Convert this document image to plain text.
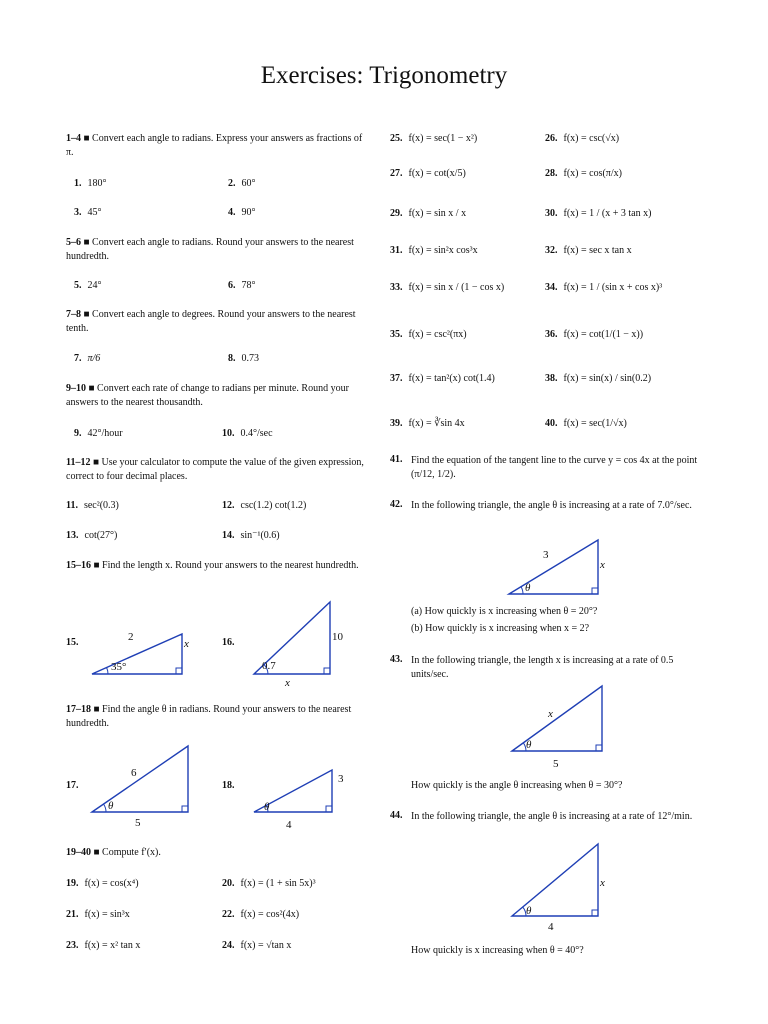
Exercises: Trigonometry
1–4 ■ Convert each angle to radians. Express your answers as fractions of π.
1. 180°	2. 60°
3. 45°	4. 90°
5–6 ■ Convert each angle to radians. Round your answers to the nearest hundredth.
5. 24°	6. 78°
7–8 ■ Convert each angle to degrees. Round your answers to the nearest tenth.
7. π/6	8. 0.73
9–10 ■ Convert each rate of change to radians per minute. Round your answers to the nearest thousandth.
9. 42°/hour	10. 0.4°/sec
11–12 ■ Use your calculator to compute the value of the given expression, correct to four decimal places.
11. sec²(0.3)	12. csc(1.2) cot(1.2)
13. cot(27°)	14. sin⁻¹(0.6)
15–16 ■ Find the length x. Round your answers to the nearest hundredth.
15.	2
x
35°
16.	10
0.7
x
17–18 ■ Find the angle θ in radians. Round your answers to the nearest hundredth.
17.
6
θ
5
18.
3
θ
4
19–40 ■ Compute f′(x).
19. f(x) = cos(x⁴)	20. f(x) = (1 + sin 5x)³
21. f(x) = sin³x	22. f(x) = cos²(4x)
23. f(x) = x² tan x	24. f(x) = √tan x
25. f(x) = sec(1 − x²)	26. f(x) = csc(√x)
27. f(x) = cot(x/5)	28. f(x) = cos(π/x)
29. f(x) = sin x / x	30. f(x) = 1 / (x + 3 tan x)
31. f(x) = sin²x cos³x	32. f(x) = sec x tan x
33. f(x) = sin x / (1 − cos x)	34. f(x) = 1 / (sin x + cos x)³
35. f(x) = csc²(πx)	36. f(x) = cot(1/(1 − x))
37. f(x) = tan²(x) cot(1.4)	38. f(x) = sin(x) / sin(0.2)
39. f(x) = ∛sin 4x	40. f(x) = sec(1/√x)
41. Find the equation of the tangent line to the curve y = cos 4x at the point (π/12, 1/2).
42. In the following triangle, the angle θ is increasing at a rate of 7.0°/sec.
3
x
θ
(a) How quickly is x increasing when θ = 20°?
(b) How quickly is x increasing when x = 2?
43. In the following triangle, the length x is increasing at a rate of 0.5 units/sec.
x
θ
5
How quickly is the angle θ increasing when θ = 30°?
44. In the following triangle, the angle θ is increasing at a rate of 12°/min.
x
θ
4
How quickly is x increasing when θ = 40°?
